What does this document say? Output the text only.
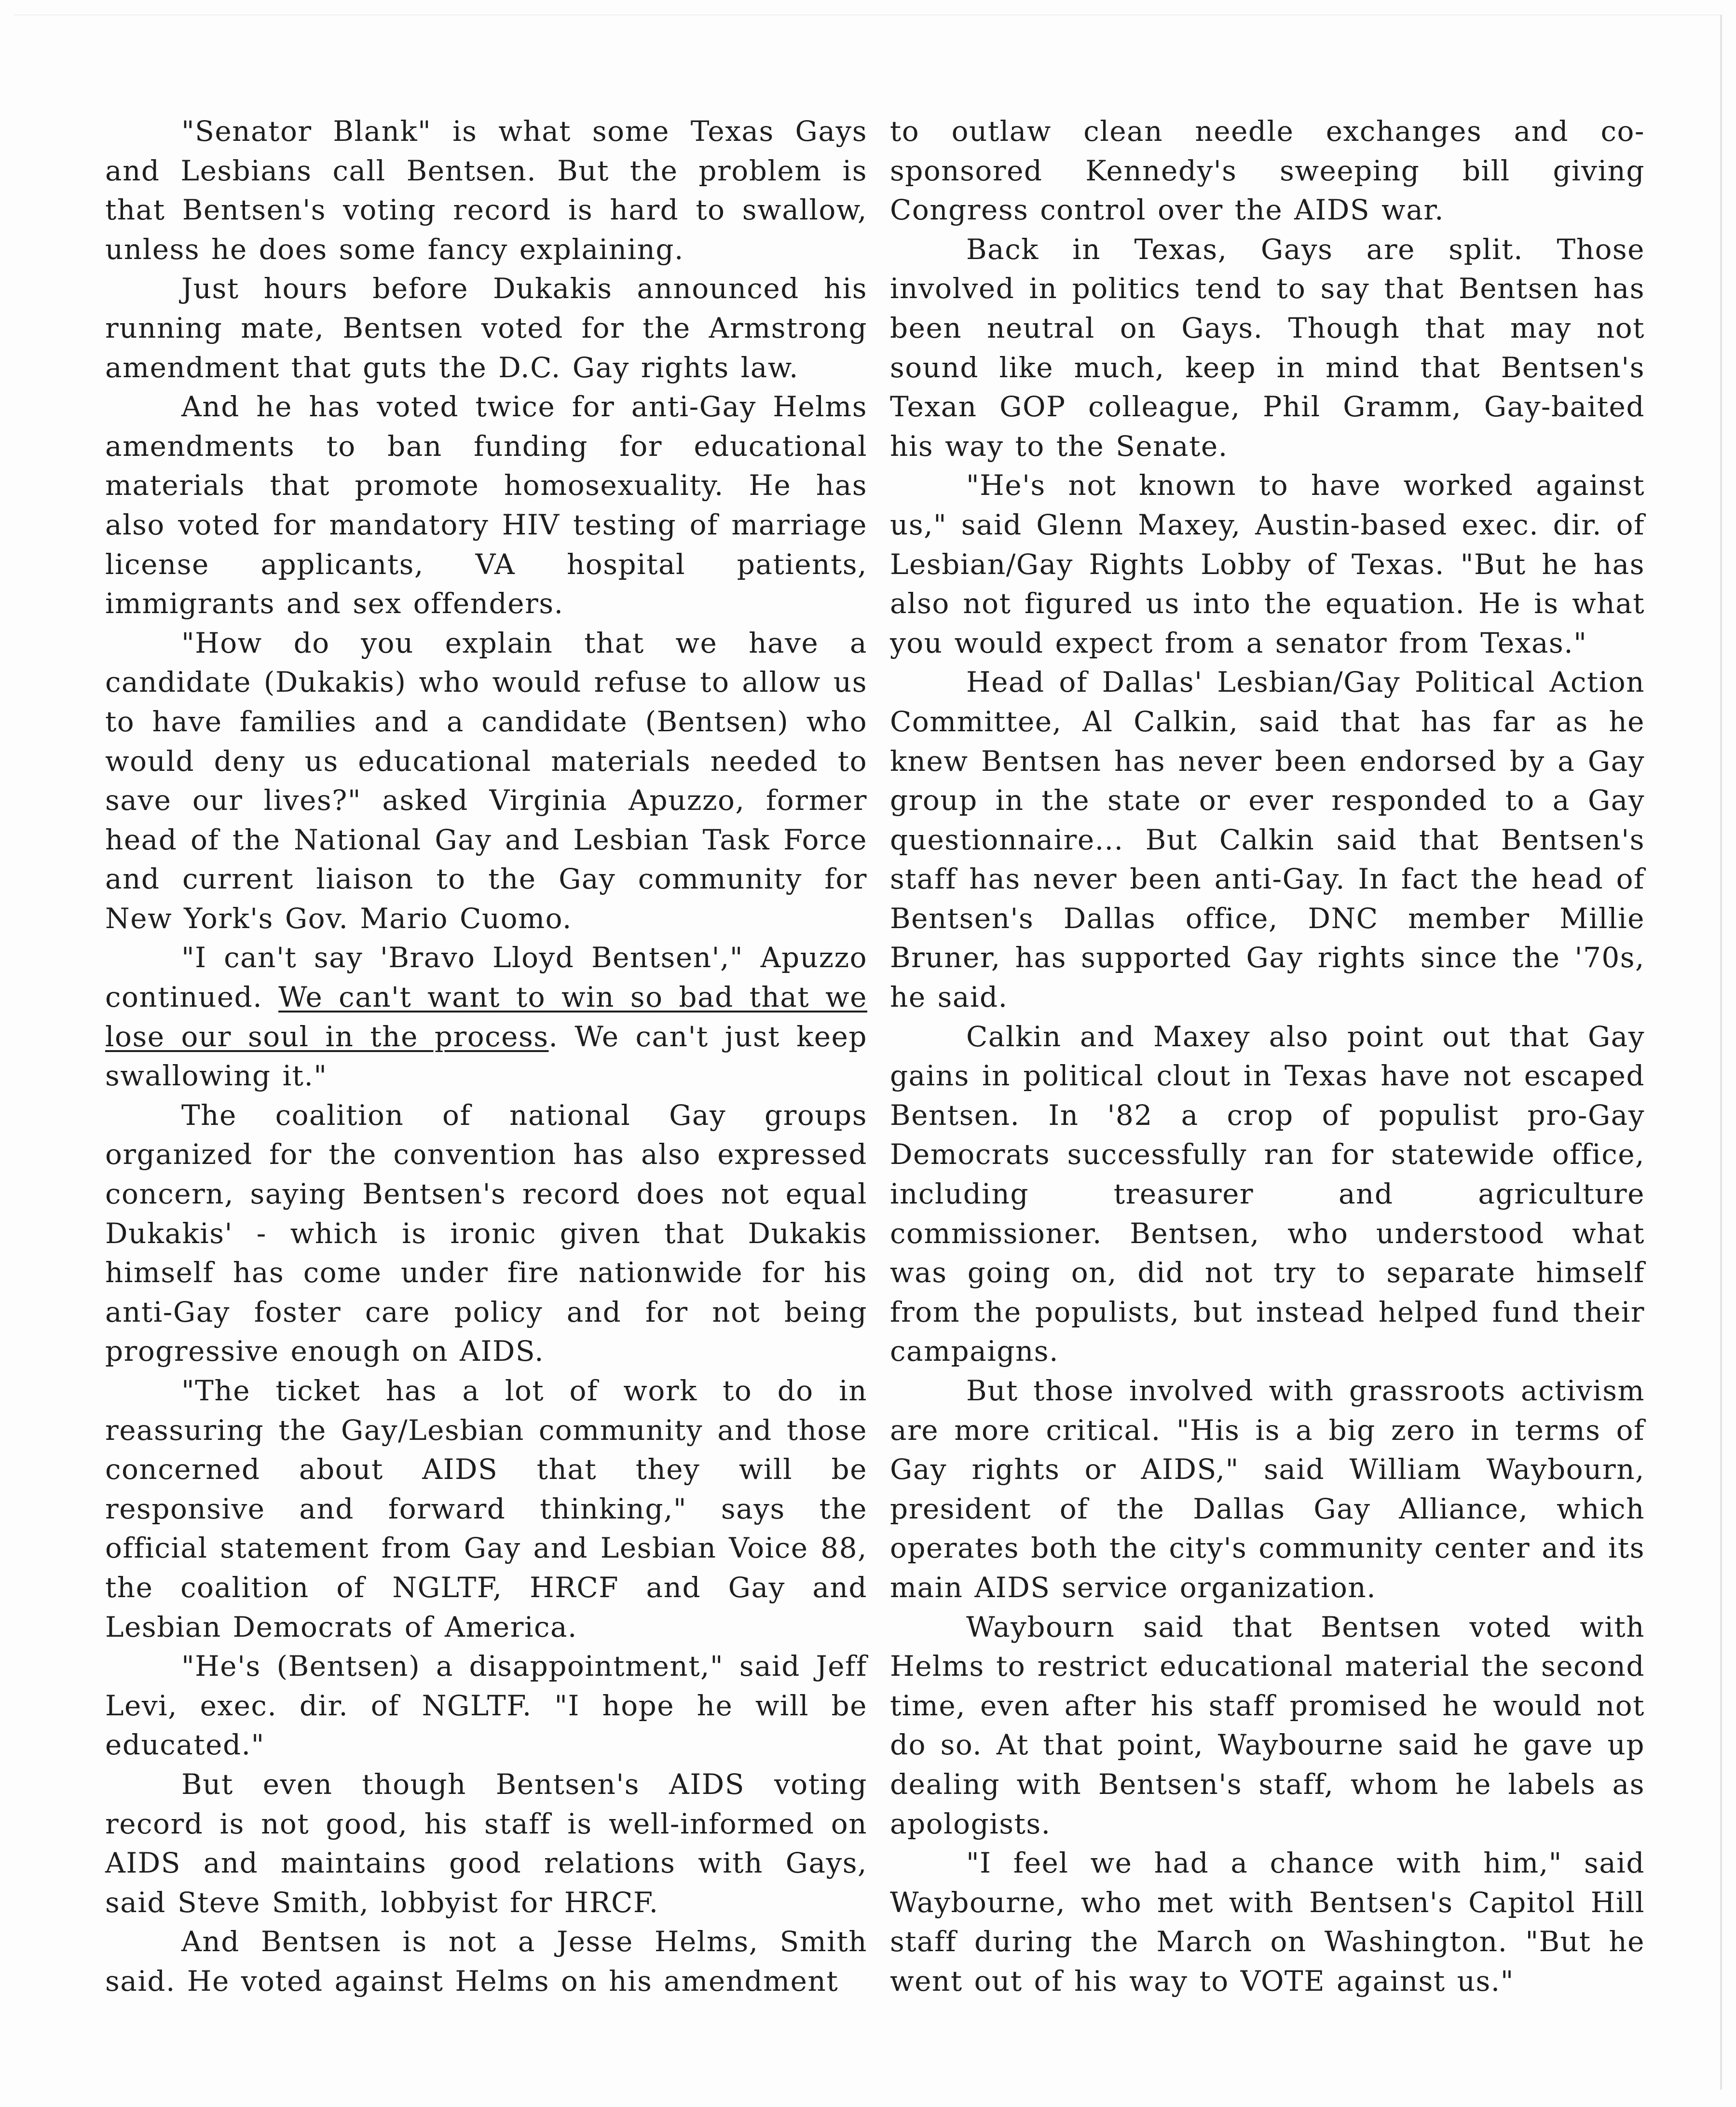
"Senator Blank" is what some Texas Gays and Lesbians call Bentsen. But the problem is that Bentsen's voting record is hard to swallow, unless he does some fancy explaining.

Just hours before Dukakis announced his running mate, Bentsen voted for the Armstrong amendment that guts the D.C. Gay rights law.

And he has voted twice for anti-Gay Helms amendments to ban funding for educational materials that promote homosexuality. He has also voted for mandatory HIV testing of marriage license applicants, VA hospital patients, immigrants and sex offenders.

"How do you explain that we have a candidate (Dukakis) who would refuse to allow us to have families and a candidate (Bentsen) who would deny us educational materials needed to save our lives?" asked Virginia Apuzzo, former head of the National Gay and Lesbian Task Force and current liaison to the Gay community for New York's Gov. Mario Cuomo.

"I can't say 'Bravo Lloyd Bentsen'," Apuzzo continued. We can't want to win so bad that we lose our soul in the process. We can't just keep swallowing it."

The coalition of national Gay groups organized for the convention has also expressed concern, saying Bentsen's record does not equal Dukakis' - which is ironic given that Dukakis himself has come under fire nationwide for his anti-Gay foster care policy and for not being progressive enough on AIDS.

"The ticket has a lot of work to do in reassuring the Gay/Lesbian community and those concerned about AIDS that they will be responsive and forward thinking," says the official statement from Gay and Lesbian Voice 88, the coalition of NGLTF, HRCF and Gay and Lesbian Democrats of America.

"He's (Bentsen) a disappointment," said Jeff Levi, exec. dir. of NGLTF. "I hope he will be educated."

But even though Bentsen's AIDS voting record is not good, his staff is well-informed on AIDS and maintains good relations with Gays, said Steve Smith, lobbyist for HRCF.

And Bentsen is not a Jesse Helms, Smith said. He voted against Helms on his amendment

to outlaw clean needle exchanges and co-sponsored Kennedy's sweeping bill giving Congress control over the AIDS war.

Back in Texas, Gays are split. Those involved in politics tend to say that Bentsen has been neutral on Gays. Though that may not sound like much, keep in mind that Bentsen's Texan GOP colleague, Phil Gramm, Gay-baited his way to the Senate.

"He's not known to have worked against us," said Glenn Maxey, Austin-based exec. dir. of Lesbian/Gay Rights Lobby of Texas. "But he has also not figured us into the equation. He is what you would expect from a senator from Texas."

Head of Dallas' Lesbian/Gay Political Action Committee, Al Calkin, said that has far as he knew Bentsen has never been endorsed by a Gay group in the state or ever responded to a Gay questionnaire... But Calkin said that Bentsen's staff has never been anti-Gay. In fact the head of Bentsen's Dallas office, DNC member Millie Bruner, has supported Gay rights since the '70s, he said.

Calkin and Maxey also point out that Gay gains in political clout in Texas have not escaped Bentsen. In '82 a crop of populist pro-Gay Democrats successfully ran for statewide office, including treasurer and agriculture commissioner. Bentsen, who understood what was going on, did not try to separate himself from the populists, but instead helped fund their campaigns.

But those involved with grassroots activism are more critical. "His is a big zero in terms of Gay rights or AIDS," said William Waybourn, president of the Dallas Gay Alliance, which operates both the city's community center and its main AIDS service organization.

Waybourn said that Bentsen voted with Helms to restrict educational material the second time, even after his staff promised he would not do so. At that point, Waybourne said he gave up dealing with Bentsen's staff, whom he labels as apologists.

"I feel we had a chance with him," said Waybourne, who met with Bentsen's Capitol Hill staff during the March on Washington. "But he went out of his way to VOTE against us."
